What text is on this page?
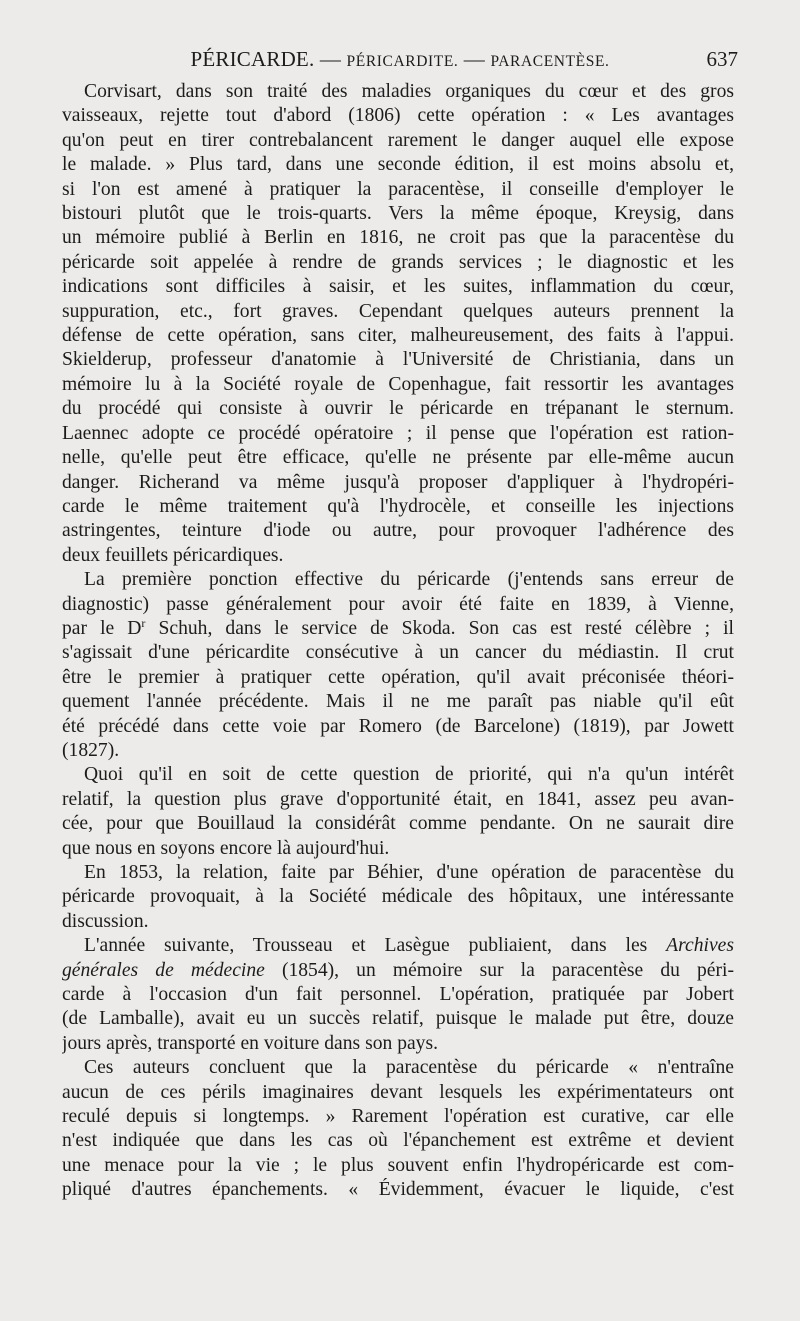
PÉRICARDE. — PÉRICARDITE. — PARACENTÈSE.	637

Corvisart, dans son traité des maladies organiques du cœur et des gros
vaisseaux, rejette tout d'abord (1806) cette opération : « Les avantages
qu'on peut en tirer contrebalancent rarement le danger auquel elle expose
le malade. » Plus tard, dans une seconde édition, il est moins absolu et,
si l'on est amené à pratiquer la paracentèse, il conseille d'employer le
bistouri plutôt que le trois-quarts. Vers la même époque, Kreysig, dans
un mémoire publié à Berlin en 1816, ne croit pas que la paracentèse du
péricarde soit appelée à rendre de grands services ; le diagnostic et les
indications sont difficiles à saisir, et les suites, inflammation du cœur,
suppuration, etc., fort graves. Cependant quelques auteurs prennent la
défense de cette opération, sans citer, malheureusement, des faits à l'appui.
Skielderup, professeur d'anatomie à l'Université de Christiania, dans un
mémoire lu à la Société royale de Copenhague, fait ressortir les avantages
du procédé qui consiste à ouvrir le péricarde en trépanant le sternum.
Laennec adopte ce procédé opératoire ; il pense que l'opération est ration-
nelle, qu'elle peut être efficace, qu'elle ne présente par elle-même aucun
danger. Richerand va même jusqu'à proposer d'appliquer à l'hydropéri-
carde le même traitement qu'à l'hydrocèle, et conseille les injections
astringentes, teinture d'iode ou autre, pour provoquer l'adhérence des
deux feuillets péricardiques.

La première ponction effective du péricarde (j'entends sans erreur de
diagnostic) passe généralement pour avoir été faite en 1839, à Vienne,
par le $D^r$ Schuh, dans le service de Skoda. Son cas est resté célèbre ; il
s'agissait d'une péricardite consécutive à un cancer du médiastin. Il crut
être le premier à pratiquer cette opération, qu'il avait préconisée théori-
quement l'année précédente. Mais il ne me paraît pas niable qu'il eût
été précédé dans cette voie par Romero (de Barcelone) (1819), par Jowett
(1827).

Quoi qu'il en soit de cette question de priorité, qui n'a qu'un intérêt
relatif, la question plus grave d'opportunité était, en 1841, assez peu avan-
cée, pour que Bouillaud la considérât comme pendante. On ne saurait dire
que nous en soyons encore là aujourd'hui.

En 1853, la relation, faite par Béhier, d'une opération de paracentèse du
péricarde provoquait, à la Société médicale des hôpitaux, une intéressante
discussion.

L'année suivante, Trousseau et Lasègue publiaient, dans les Archives
générales de médecine (1854), un mémoire sur la paracentèse du péri-
carde à l'occasion d'un fait personnel. L'opération, pratiquée par Jobert
(de Lamballe), avait eu un succès relatif, puisque le malade put être, douze
jours après, transporté en voiture dans son pays.

Ces auteurs concluent que la paracentèse du péricarde « n'entraîne
aucun de ces périls imaginaires devant lesquels les expérimentateurs ont
reculé depuis si longtemps. » Rarement l'opération est curative, car elle
n'est indiquée que dans les cas où l'épanchement est extrême et devient
une menace pour la vie ; le plus souvent enfin l'hydropéricarde est com-
pliqué d'autres épanchements. « Évidemment, évacuer le liquide, c'est
